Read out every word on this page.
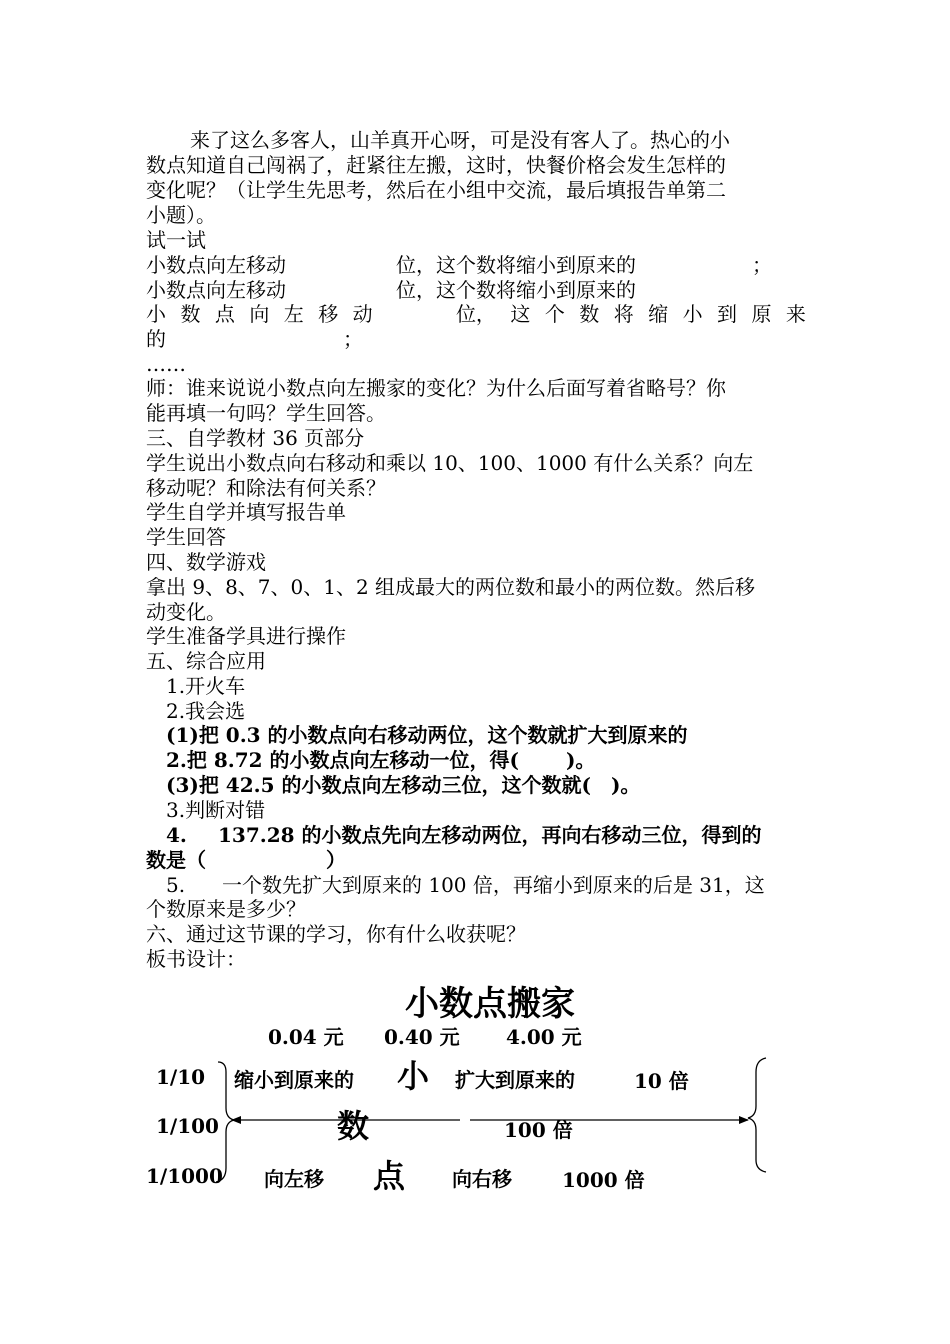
来了这么多客人，山羊真开心呀，可是没有客人了。热心的小
数点知道自己闯祸了，赶紧往左搬，这时，快餐价格会发生怎样的
变化呢？（让学生先思考，然后在小组中交流，最后填报告单第二
小题）。
试一试
小数点向左移动	位，这个数将缩小到原来的	；
小数点向左移动	位，这个数将缩小到原来的
小 数 点 向 左 移 动	位， 这 个 数 将 缩 小 到 原 来
的	；
……
师：谁来说说小数点向左搬家的变化？为什么后面写着省略号？你
能再填一句吗？学生回答。
三、自学教材 36 页部分
学生说出小数点向右移动和乘以 10、100、1000 有什么关系？向左
移动呢？和除法有何关系？
学生自学并填写报告单
学生回答
四、数学游戏
拿出 9、8、7、0、1、2 组成最大的两位数和最小的两位数。然后移
动变化。
学生准备学具进行操作
五、综合应用
1.开火车
2.我会选
(1)把 0.3 的小数点向右移动两位，这个数就扩大到原来的
2.把 8.72 的小数点向左移动一位，得(　　 )。
(3)把 42.5 的小数点向左移动三位，这个数就(　)。
3.判断对错
4. 137.28 的小数点先向左移动两位，再向右移动三位，得到的
数是（　　　　　　）
5. 一个数先扩大到原来的 100 倍，再缩小到原来的后是 31，这
个数原来是多少？
六、通过这节课的学习，你有什么收获呢？
板书设计：
小数点搬家
0.04 元 0.40 元 4.00 元
1/10
1/100
1/1000
缩小到原来的	扩大到原来的
向左移	向右移
小
数
点
10 倍
100 倍
1000 倍
